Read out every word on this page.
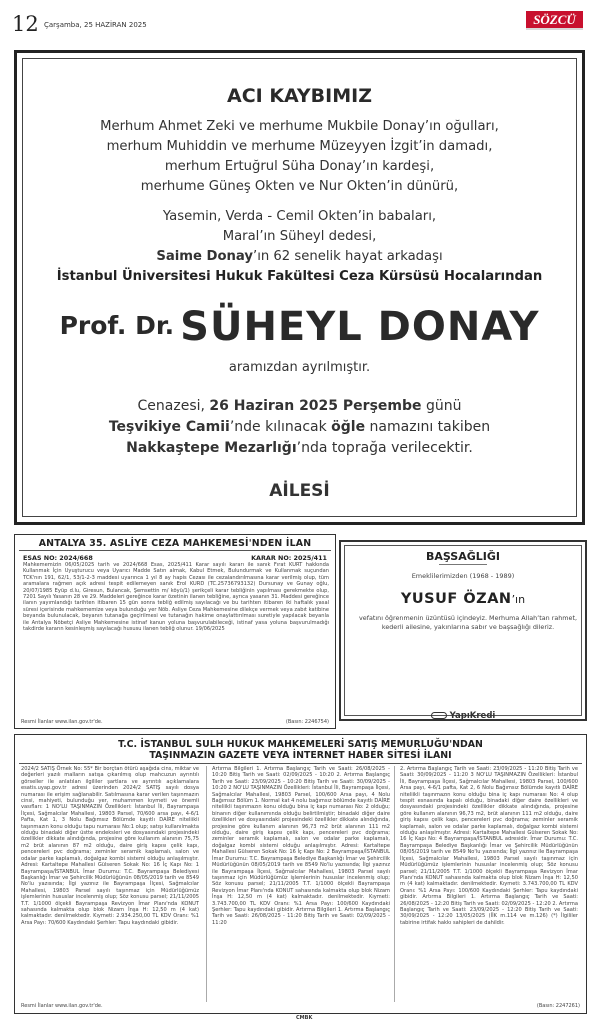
12 Çarşamba, 25 HAZİRAN 2025	SÖZCÜ
ACI KAYBIMIZ
Merhum Ahmet Zeki ve merhume Mukbile Donay’ın oğulları,
merhum Muhiddin ve merhume Müzeyyen İzgit’in damadı,
merhum Ertuğrul Süha Donay’ın kardeşi,
merhume Güneş Okten ve Nur Okten’in dünürü,
Yasemin, Verda - Cemil Okten’in babaları,
Maral’ın Süheyl dedesi,
Saime Donay’ın 62 senelik hayat arkadaşı
İstanbul Üniversitesi Hukuk Fakültesi Ceza Kürsüsü Hocalarından
Prof. Dr. SÜHEYL DONAY
aramızdan ayrılmıştır.
Cenazesi, 26 Haziran 2025 Perşembe günü
Teşvikiye Camii’nde kılınacak öğle namazını takiben
Nakkaştepe Mezarlığı’nda toprağa verilecektir.
AİLESİ
ANTALYA 35. ASLİYE CEZA MAHKEMESİ'NDEN İLAN
ESAS NO: 2024/668	KARAR NO: 2025/411
Mahkememizin 06/05/2025 tarih ve 2024/668 Esas, 2025/411 Karar sayılı kararı ile sanık Fırat KURT hakkında Kullanmak İçin Uyuşturucu veya Uyarıcı Madde Satın almak, Kabul Etmek, Bulundurmak ve Kullanmak suçundan TCK'nın 191, 62/1, 53/1-2-3 maddesi uyarınca 1 yıl 8 ay hapis Cezası ile cezalandırılmasına karar verilmiş olup, tüm aramalara rağmen açık adresi tespit edilemeyen sanık Erol KURD (TC.25736793132) Dursunay ve Gunay oğlu, 20/07/1985 Eyüp d.lu, Giresun, Bulancak, Şemsettin m/ köyü/1) şerikçeli karar tebliğinin yapılması gerekmekte olup, 7201 Sayılı Yasanın 28 ve 29. Maddeleri gereğince karar özetinin ilanen tebliğine, ayrıca yasanın 31. Maddesi gereğince ilanın yayımlandığı tarihten itibaren 15 gün sonra tebliğ edilmiş sayılacağı ve bu tarihten itibaren iki haftalık yasal süresi içerisinde mahkememize veya bulunduğu yer Nöb. Asliye Ceza Mahkemesine dilekçe vermek veya zabıt katibine beyanda bulunulacak, beyanın tutanağa geçirilmesi ve tutanağın hakime onaylattırılması suretiyle yapılacak beyanla ile Antalya Nöbetçi Asliye Mahkemesine istinaf kanun yoluna başvurulabileceği, istinaf yasa yoluna başvurulmadığı takdirde kararın kesinleşmiş sayılacağı hususu ilanen tebliğ olunur. 19/06/2025
Resmi İlanlar www.ilan.gov.tr'de.	(Basın: 2246754)
BAŞSAĞLIĞI
Emeklilerimizden (1968 - 1989)
YUSUF ÖZAN’ın
vefatını öğrenmenin üzüntüsü içindeyiz. Merhuma Allah’tan rahmet, kederli ailesine, yakınlarına sabır ve başsağlığı dileriz.
YapıKredi
T.C. İSTANBUL SULH HUKUK MAHKEMELERİ SATIŞ MEMURLUĞU'NDAN
TAŞINMAZIN GAZETE VEYA İNTERNET HABER SİTESİ İLANI
2024/2 SATIŞ Örnek No: 55* Bir borçtan ötürü aşağıda cins, miktar ve değerleri yazılı malların satışa çıkarılmış olup mahcuzun ayrıntılı görseller ile anlatılan ilgililer şartlara ve ayrıntılı açıklamalara esatis.uyap.gov.tr adresi üzerinden 2024/2 SATIŞ sayılı dosya numarası ile erişim sağlanabilir. Satılmasına karar verilen taşınmazın cinsi, mahiyeti, bulunduğu yer, muhammen kıymeti ve önemli vasıfları: 1 NO'LU TAŞINMAZIN Özellikleri: İstanbul İli, Bayrampaşa İlçesi, Sağmalcılar Mahallesi, 19803 Parsel, 70/600 arsa payı, 4-6/1 Pafta, Kat 1, 3 Nolu Bağımsız Bölümde kayıtlı DAİRE niteliikli taşınmazın konu olduğu tapu numarası No:1 olup; satışı kullanılmakta olduğu binadaki diğer üstte endeksleri ve dosyasındaki projesindeki özellikler dikkate alındığında, projesine göre kullanım alanının 75,75 m2 brüt alanının 87 m2 olduğu, daire giriş kapısı çelik kapı, pencereleri pvc doğrama; zeminler seramik kaplamalı, salon ve odalar parke kaplamalı, doğalgaz kombi sistemi olduğu anlaşılmıştır. Adresi: Kartaltepe Mahallesi Gülseren Sokak No: 16 İç Kapı No: 1 Bayrampaşa/İSTANBUL İmar Durumu: T.C. Bayrampaşa Belediyesi Başkanlığı İmar ve Şehircilik Müdürlüğünün 08/05/2019 tarih ve 8549 No'lu yazısında; İlgi yazınız ile Bayrampaşa İlçesi, Sağmalcılar Mahallesi, 19803 Parsel sayılı taşınmaz için Müdürlüğümüz işlemlerinin hususlar incelenmiş olup; Söz konusu parsel; 21/11/2005 T.T. 1/1000 ölçekli Bayrampaşa Revizyon İmar Planı'nda KONUT sahasında kalmakta olup blok Nizam İnşa H: 12,50 m (4 kat) kalmaktadır. denilmektedir. Kıymeti: 2.934.250,00 TL KDV Oranı: %1 Arsa Payı: 70/600 Kaydındaki Şerhler: Tapu kaydındaki gibidir.
Artırma Bilgileri 1. Artırma Başlangıç Tarih ve Saati: 26/08/2025 - 10:20 Bitiş Tarih ve Saati: 02/09/2025 - 10:20 2. Artırma Başlangıç Tarih ve Saati: 23/09/2025 - 10:20 Bitiş Tarih ve Saati: 30/09/2025 - 10:20 2 NO'LU TAŞINMAZIN Özellikleri: İstanbul İli, Bayrampaşa İlçesi, Sağmalcılar Mahallesi, 19803 Parsel, 100/600 Arsa payı, 4 Nolu Bağımsız Bölüm 1. Normal kat 4 nolu bağımsız bölümde kayıtlı DAİRE niteliikli taşınmazın konu olduğu bina iç kapı numarası No: 2 olduğu; binanın diğer kullanımında olduğu belirtilmiştir; binadaki diğer daire özellikleri ve dosyasındaki projesindeki özellikler dikkate alındığında, projesine göre kullanım alanının 96,73 m2 brüt alanının 111 m2 olduğu, daire giriş kapısı çelik kapı, pencereleri pvc doğrama; zeminler seramik kaplamalı, salon ve odalar parke kaplamalı, doğalgaz kombi sistemi olduğu anlaşılmıştır. Adresi: Kartaltepe Mahallesi Gülseren Sokak No: 16 İç Kapı No: 2 Bayrampaşa/İSTANBUL İmar Durumu: T.C. Bayrampaşa Belediye Başkanlığı İmar ve Şehircilik Müdürlüğünün 08/05/2019 tarih ve 8549 No'lu yazısında; İlgi yazınız ile Bayrampaşa İlçesi, Sağmalcılar Mahallesi, 19803 Parsel sayılı taşınmaz için Müdürlüğümüz işlemlerinin hususlar incelenmiş olup; Söz konusu parsel; 21/11/2005 T.T. 1/1000 ölçekli Bayrampaşa Revizyon İmar Planı'nda KONUT sahasında kalmakta olup blok Nizam İnşa H: 12,50 m (4 kat) kalmaktadır. denilmektedir. Kıymeti: 3.743.700,00 TL KDV Oranı: %1 Arsa Payı: 100/600 Kaydındaki Şerhler: Tapu kaydındaki gibidir. Artırma Bilgileri 1. Artırma Başlangıç Tarih ve Saati: 26/08/2025 - 11:20 Bitiş Tarih ve Saati: 02/09/2025 - 11:20
2. Artırma Başlangıç Tarih ve Saati: 23/09/2025 - 11:20 Bitiş Tarih ve Saati: 30/09/2025 - 11:20 3 NO'LU TAŞINMAZIN Özellikleri: İstanbul İli, Bayrampaşa İlçesi, Sağmalcılar Mahallesi, 19803 Parsel, 100/600 Arsa payı, 4-6/1 pafta, Kat 2, 6 Nolu Bağımsız Bölümde kayıtlı DAİRE niteliikli taşınmazın konu olduğu bina iç kapı numarası No: 4 olup tespit esnasında kapalı olduğu, binadaki diğer daire özellikleri ve dosyasındaki projesindeki özellikler dikkate alındığında, projesine göre kullanım alanının 96,73 m2, brüt alanının 111 m2 olduğu, daire giriş kapısı çelik kapı, pencereleri pvc doğrama; zeminler seramik kaplamalı, salon ve odalar parke kaplamalı, doğalgaz kombi sistemi olduğu anlaşılmıştır. Adresi: Kartaltepe Mahallesi Gülseren Sokak No: 16 İç Kapı No: 4 Bayrampaşa/İSTANBUL adresidir. İmar Durumu: T.C. Bayrampaşa Belediye Başkanlığı İmar ve Şehircilik Müdürlüğünün 08/05/2019 tarih ve 8549 No'lu yazısında; İlgi yazınız ile Bayrampaşa İlçesi, Sağmalcılar Mahallesi, 19803 Parsel sayılı taşınmaz için Müdürlüğümüz işlemlerinin hususlar incelenmiş olup; Söz konusu parsel; 21/11/2005 T.T. 1/1000 ölçekli Bayrampaşa Revizyon İmar Planı'nda KONUT sahasında kalmakta olup blok Nizam İnşa H: 12,50 m (4 kat) kalmaktadır. denilmektedir. Kıymeti: 3.743.700,00 TL KDV Oranı: %1 Arsa Payı: 100/600 Kaydındaki Şerhler: Tapu kaydındaki gibidir. Artırma Bilgileri 1. Artırma Başlangıç Tarih ve Saati: 26/08/2025 - 12:20 Bitiş Tarih ve Saati: 02/09/2025 - 12:20 2. Artırma Başlangıç Tarih ve Saati: 23/09/2025 - 12:20 Bitiş Tarih ve Saati: 30/09/2025 - 12:20 13/05/2025 (İİK m.114 ve m.126) (*) İlgililer tabirine irtifak hakkı sahipleri de dahildir.
Resmi İlanlar www.ilan.gov.tr'de.	(Basın: 2247261)
CMBK
